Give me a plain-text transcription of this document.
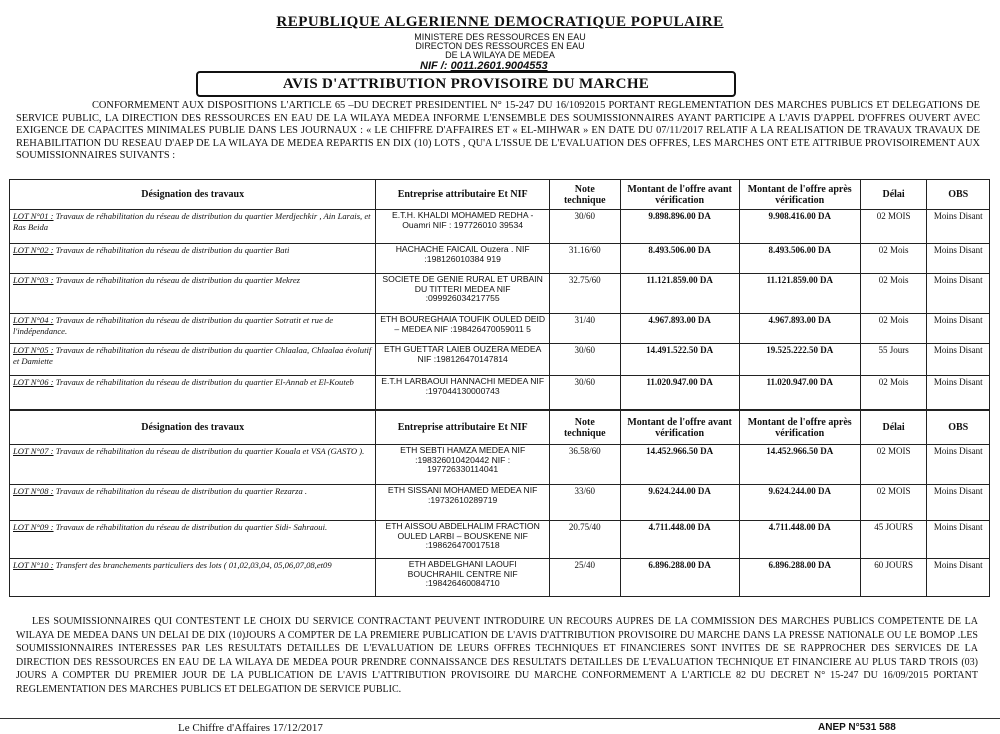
REPUBLIQUE ALGERIENNE DEMOCRATIQUE POPULAIRE
MINISTERE DES RESSOURCES EN EAU
DIRECTON DES RESSOURCES EN EAU
DE LA WILAYA DE MEDEA
NIF /: 0011.2601.9004553
AVIS D'ATTRIBUTION PROVISOIRE DU MARCHE

CONFORMEMENT AUX DISPOSITIONS L'ARTICLE 65 –DU DECRET PRESIDENTIEL N° 15-247 DU 16/1092015 PORTANT REGLEMENTATION DES MARCHES PUBLICS ET DELEGATIONS DE SERVICE PUBLIC, LA DIRECTION DES RESSOURCES EN EAU DE LA WILAYA MEDEA INFORME L'ENSEMBLE DES SOUMISSIONNAIRES AYANT PARTICIPE A L'AVIS D'APPEL D'OFFRES OUVERT AVEC EXIGENCE DE CAPACITES MINIMALES PUBLIE DANS LES JOURNAUX : « LE CHIFFRE D'AFFAIRES ET « EL-MIHWAR » EN DATE DU 07/11/2017 RELATIF A LA REALISATION DE TRAVAUX TRAVAUX DE REHABILITATION DU RESEAU D'AEP DE LA WILAYA DE MEDEA REPARTIS EN DIX (10) LOTS , QU'A L'ISSUE DE L'EVALUATION DES OFFRES, LES MARCHES ONT ETE ATTRIBUE PROVISOIREMENT AUX SOUMISSIONNAIRES SUIVANTS :

Désignation des travaux	Entreprise attributaire Et NIF	Note technique	Montant de l'offre avant vérification	Montant de l'offre après vérification	Délai	OBS
LOT N°01 : Travaux de réhabilitation du réseau de distribution du quartier Merdjechkir , Ain Larais, et Ras Beida	E.T.H. KHALDI MOHAMED REDHA - Ouamri NIF : 197726010 39534	30/60	9.898.896.00 DA	9.908.416.00 DA	02 MOIS	Moins Disant
LOT N°02 : Travaux de réhabilitation du réseau de distribution du quartier Bati	HACHACHE FAICAIL Ouzera . NIF :198126010384 919	31.16/60	8.493.506.00 DA	8.493.506.00 DA	02 Mois	Moins Disant
LOT N°03 : Travaux de réhabilitation du réseau de distribution du quartier Mekrez	SOCIETE DE GENIE RURAL ET URBAIN DU TITTERI MEDEA NIF :099926034217755	32.75/60	11.121.859.00 DA	11.121.859.00 DA	02 Mois	Moins Disant
LOT N°04 : Travaux de réhabilitation du réseau de distribution du quartier Sotratit et rue de l'indépendance.	ETH BOUREGHAIA TOUFIK OULED DEID – MEDEA NIF :198426470059011 5	31/40	4.967.893.00 DA	4.967.893.00 DA	02 Mois	Moins Disant
LOT N°05 : Travaux de réhabilitation du réseau de distribution du quartier Chlaalaa, Chlaalaa évolutif et Damiette	ETH GUETTAR LAIEB OUZERA MEDEA NIF :198126470147814	30/60	14.491.522.50 DA	19.525.222.50 DA	55 Jours	Moins Disant
LOT N°06 : Travaux de réhabilitation du réseau de distribution du quartier El-Annab et El-Kouteb	E.T.H LARBAOUI HANNACHI MEDEA NIF :197044130000743	30/60	11.020.947.00 DA	11.020.947.00 DA	02 Mois	Moins Disant
Désignation des travaux	Entreprise attributaire Et NIF	Note technique	Montant de l'offre avant vérification	Montant de l'offre après vérification	Délai	OBS
LOT N°07 : Travaux de réhabilitation du réseau de distribution du quartier Kouala et VSA (GASTO ).	ETH SEBTI HAMZA MEDEA NIF :198326010420442 NIF : 197726330114041	36.58/60	14.452.966.50 DA	14.452.966.50 DA	02 MOIS	Moins Disant
LOT N°08 : Travaux de réhabilitation du réseau de distribution du quartier Rezarza .	ETH SISSANI MOHAMED MEDEA NIF :19732610289719	33/60	9.624.244.00 DA	9.624.244.00 DA	02 MOIS	Moins Disant
LOT N°09 : Travaux de réhabilitation du réseau de distribution du quartier Sidi- Sahraoui.	ETH AISSOU ABDELHALIM FRACTION OULED LARBI – BOUSKENE NIF :198626470017518	20.75/40	4.711.448.00 DA	4.711.448.00 DA	45 JOURS	Moins Disant
LOT N°10 : Transfert des branchements particuliers des lots ( 01,02,03,04, 05,06,07,08,et09	ETH ABDELGHANI LAOUFI BOUCHRAHIL CENTRE NIF :198426460084710	25/40	6.896.288.00 DA	6.896.288.00 DA	60 JOURS	Moins Disant

LES SOUMISSIONNAIRES QUI CONTESTENT LE CHOIX DU SERVICE CONTRACTANT PEUVENT INTRODUIRE UN RECOURS AUPRES DE LA COMMISSION DES MARCHES PUBLICS COMPETENTE DE LA WILAYA DE MEDEA DANS UN DELAI DE DIX (10)JOURS A COMPTER DE LA PREMIERE PUBLICATION DE L'AVIS D'ATTRIBUTION PROVISOIRE DU MARCHE DANS LA PRESSE NATIONALE OU LE BOMOP .LES SOUMISSIONNAIRES INTERESSES PAR LES RESULTATS DETAILLES DE L'EVALUATION DE LEURS OFFRES TECHNIQUES ET FINANCIERES SONT INVITES DE SE RAPPROCHER DES SERVICES DE LA DIRECTION DES RESSOURCES EN EAU DE LA WILAYA DE MEDEA POUR PRENDRE CONNAISSANCE DES RESULTATS DETAILLES DE L'EVALUATION TECHNIQUE ET FINANCIERE AU PLUS TARD TROIS (03) JOURS A COMPTER DU PREMIER JOUR DE LA PUBLICATION DE L'AVIS L'ATTRIBUTION PROVISOIRE DU MARCHE CONFORMEMENT A L'ARTICLE 82 DU DECRET N° 15-247 DU 16/09/2015 PORTANT REGLEMENTATION DES MARCHES PUBLICS ET DELEGATION DE SERVICE PUBLIC.

Le Chiffre d'Affaires 17/12/2017	ANEP N°531 588
